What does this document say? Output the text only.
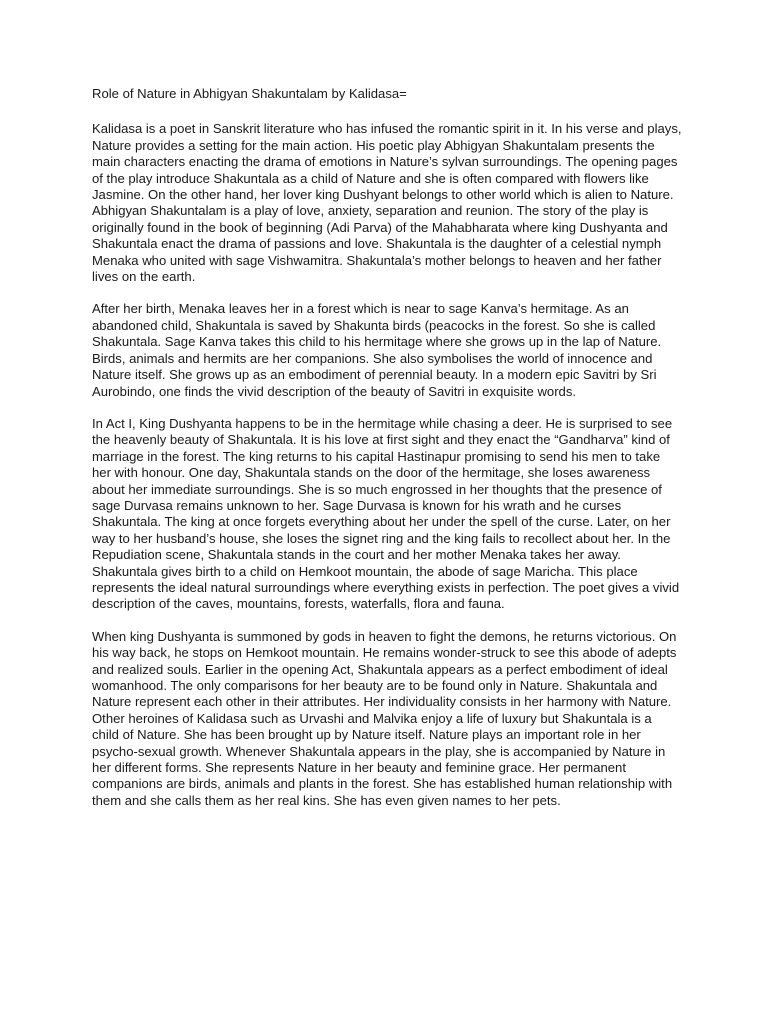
Role of Nature in Abhigyan Shakuntalam by Kalidasa=

Kalidasa is a poet in Sanskrit literature who has infused the romantic spirit in it. In his verse and plays, Nature provides a setting for the main action. His poetic play Abhigyan Shakuntalam presents the main characters enacting the drama of emotions in Nature’s sylvan surroundings. The opening pages of the play introduce Shakuntala as a child of Nature and she is often compared with flowers like Jasmine. On the other hand, her lover king Dushyant belongs to other world which is alien to Nature. Abhigyan Shakuntalam is a play of love, anxiety, separation and reunion. The story of the play is originally found in the book of beginning (Adi Parva) of the Mahabharata where king Dushyanta and Shakuntala enact the drama of passions and love. Shakuntala is the daughter of a celestial nymph Menaka who united with sage Vishwamitra. Shakuntala’s mother belongs to heaven and her father lives on the earth.

After her birth, Menaka leaves her in a forest which is near to sage Kanva’s hermitage. As an abandoned child, Shakuntala is saved by Shakunta birds (peacocks in the forest. So she is called Shakuntala. Sage Kanva takes this child to his hermitage where she grows up in the lap of Nature. Birds, animals and hermits are her companions. She also symbolises the world of innocence and Nature itself. She grows up as an embodiment of perennial beauty. In a modern epic Savitri by Sri Aurobindo, one finds the vivid description of the beauty of Savitri in exquisite words.

In Act I, King Dushyanta happens to be in the hermitage while chasing a deer. He is surprised to see the heavenly beauty of Shakuntala. It is his love at first sight and they enact the “Gandharva” kind of marriage in the forest. The king returns to his capital Hastinapur promising to send his men to take her with honour. One day, Shakuntala stands on the door of the hermitage, she loses awareness about her immediate surroundings. She is so much engrossed in her thoughts that the presence of sage Durvasa remains unknown to her. Sage Durvasa is known for his wrath and he curses Shakuntala. The king at once forgets everything about her under the spell of the curse. Later, on her way to her husband’s house, she loses the signet ring and the king fails to recollect about her. In the Repudiation scene, Shakuntala stands in the court and her mother Menaka takes her away. Shakuntala gives birth to a child on Hemkoot mountain, the abode of sage Maricha. This place represents the ideal natural surroundings where everything exists in perfection. The poet gives a vivid description of the caves, mountains, forests, waterfalls, flora and fauna.

When king Dushyanta is summoned by gods in heaven to fight the demons, he returns victorious. On his way back, he stops on Hemkoot mountain. He remains wonder-struck to see this abode of adepts and realized souls. Earlier in the opening Act, Shakuntala appears as a perfect embodiment of ideal womanhood. The only comparisons for her beauty are to be found only in Nature. Shakuntala and Nature represent each other in their attributes. Her individuality consists in her harmony with Nature. Other heroines of Kalidasa such as Urvashi and Malvika enjoy a life of luxury but Shakuntala is a child of Nature. She has been brought up by Nature itself. Nature plays an important role in her psycho-sexual growth. Whenever Shakuntala appears in the play, she is accompanied by Nature in her different forms. She represents Nature in her beauty and feminine grace. Her permanent companions are birds, animals and plants in the forest. She has established human relationship with them and she calls them as her real kins. She has even given names to her pets.
